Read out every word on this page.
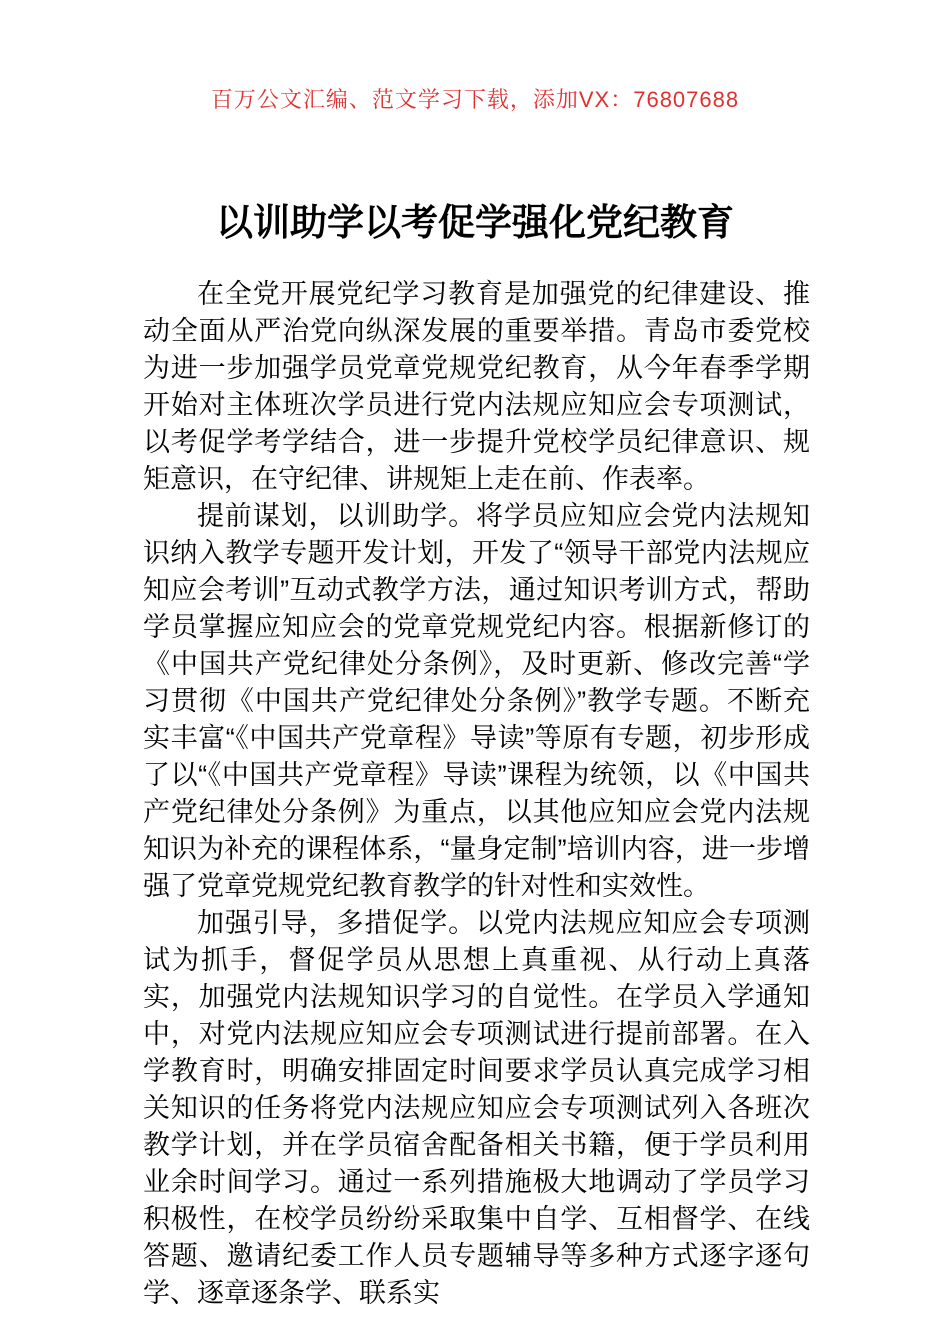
百万公文汇编、范文学习下载，添加VX：76807688
以训助学以考促学强化党纪教育

在全党开展党纪学习教育是加强党的纪律建设、推动全面从严治党向纵深发展的重要举措。青岛市委党校为进一步加强学员党章党规党纪教育，从今年春季学期开始对主体班次学员进行党内法规应知应会专项测试，以考促学考学结合，进一步提升党校学员纪律意识、规矩意识，在守纪律、讲规矩上走在前、作表率。

提前谋划，以训助学。将学员应知应会党内法规知识纳入教学专题开发计划，开发了“领导干部党内法规应知应会考训”互动式教学方法，通过知识考训方式，帮助学员掌握应知应会的党章党规党纪内容。根据新修订的《中国共产党纪律处分条例》，及时更新、修改完善“学习贯彻《中国共产党纪律处分条例》”教学专题。不断充实丰富“《中国共产党章程》导读”等原有专题，初步形成了以“《中国共产党章程》导读”课程为统领，以《中国共产党纪律处分条例》为重点，以其他应知应会党内法规知识为补充的课程体系，“量身定制”培训内容，进一步增强了党章党规党纪教育教学的针对性和实效性。

加强引导，多措促学。以党内法规应知应会专项测试为抓手，督促学员从思想上真重视、从行动上真落实，加强党内法规知识学习的自觉性。在学员入学通知中，对党内法规应知应会专项测试进行提前部署。在入学教育时，明确安排固定时间要求学员认真完成学习相关知识的任务将党内法规应知应会专项测试列入各班次教学计划，并在学员宿舍配备相关书籍，便于学员利用业余时间学习。通过一系列措施极大地调动了学员学习积极性，在校学员纷纷采取集中自学、互相督学、在线答题、邀请纪委工作人员专题辅导等多种方式逐字逐句学、逐章逐条学、联系实
